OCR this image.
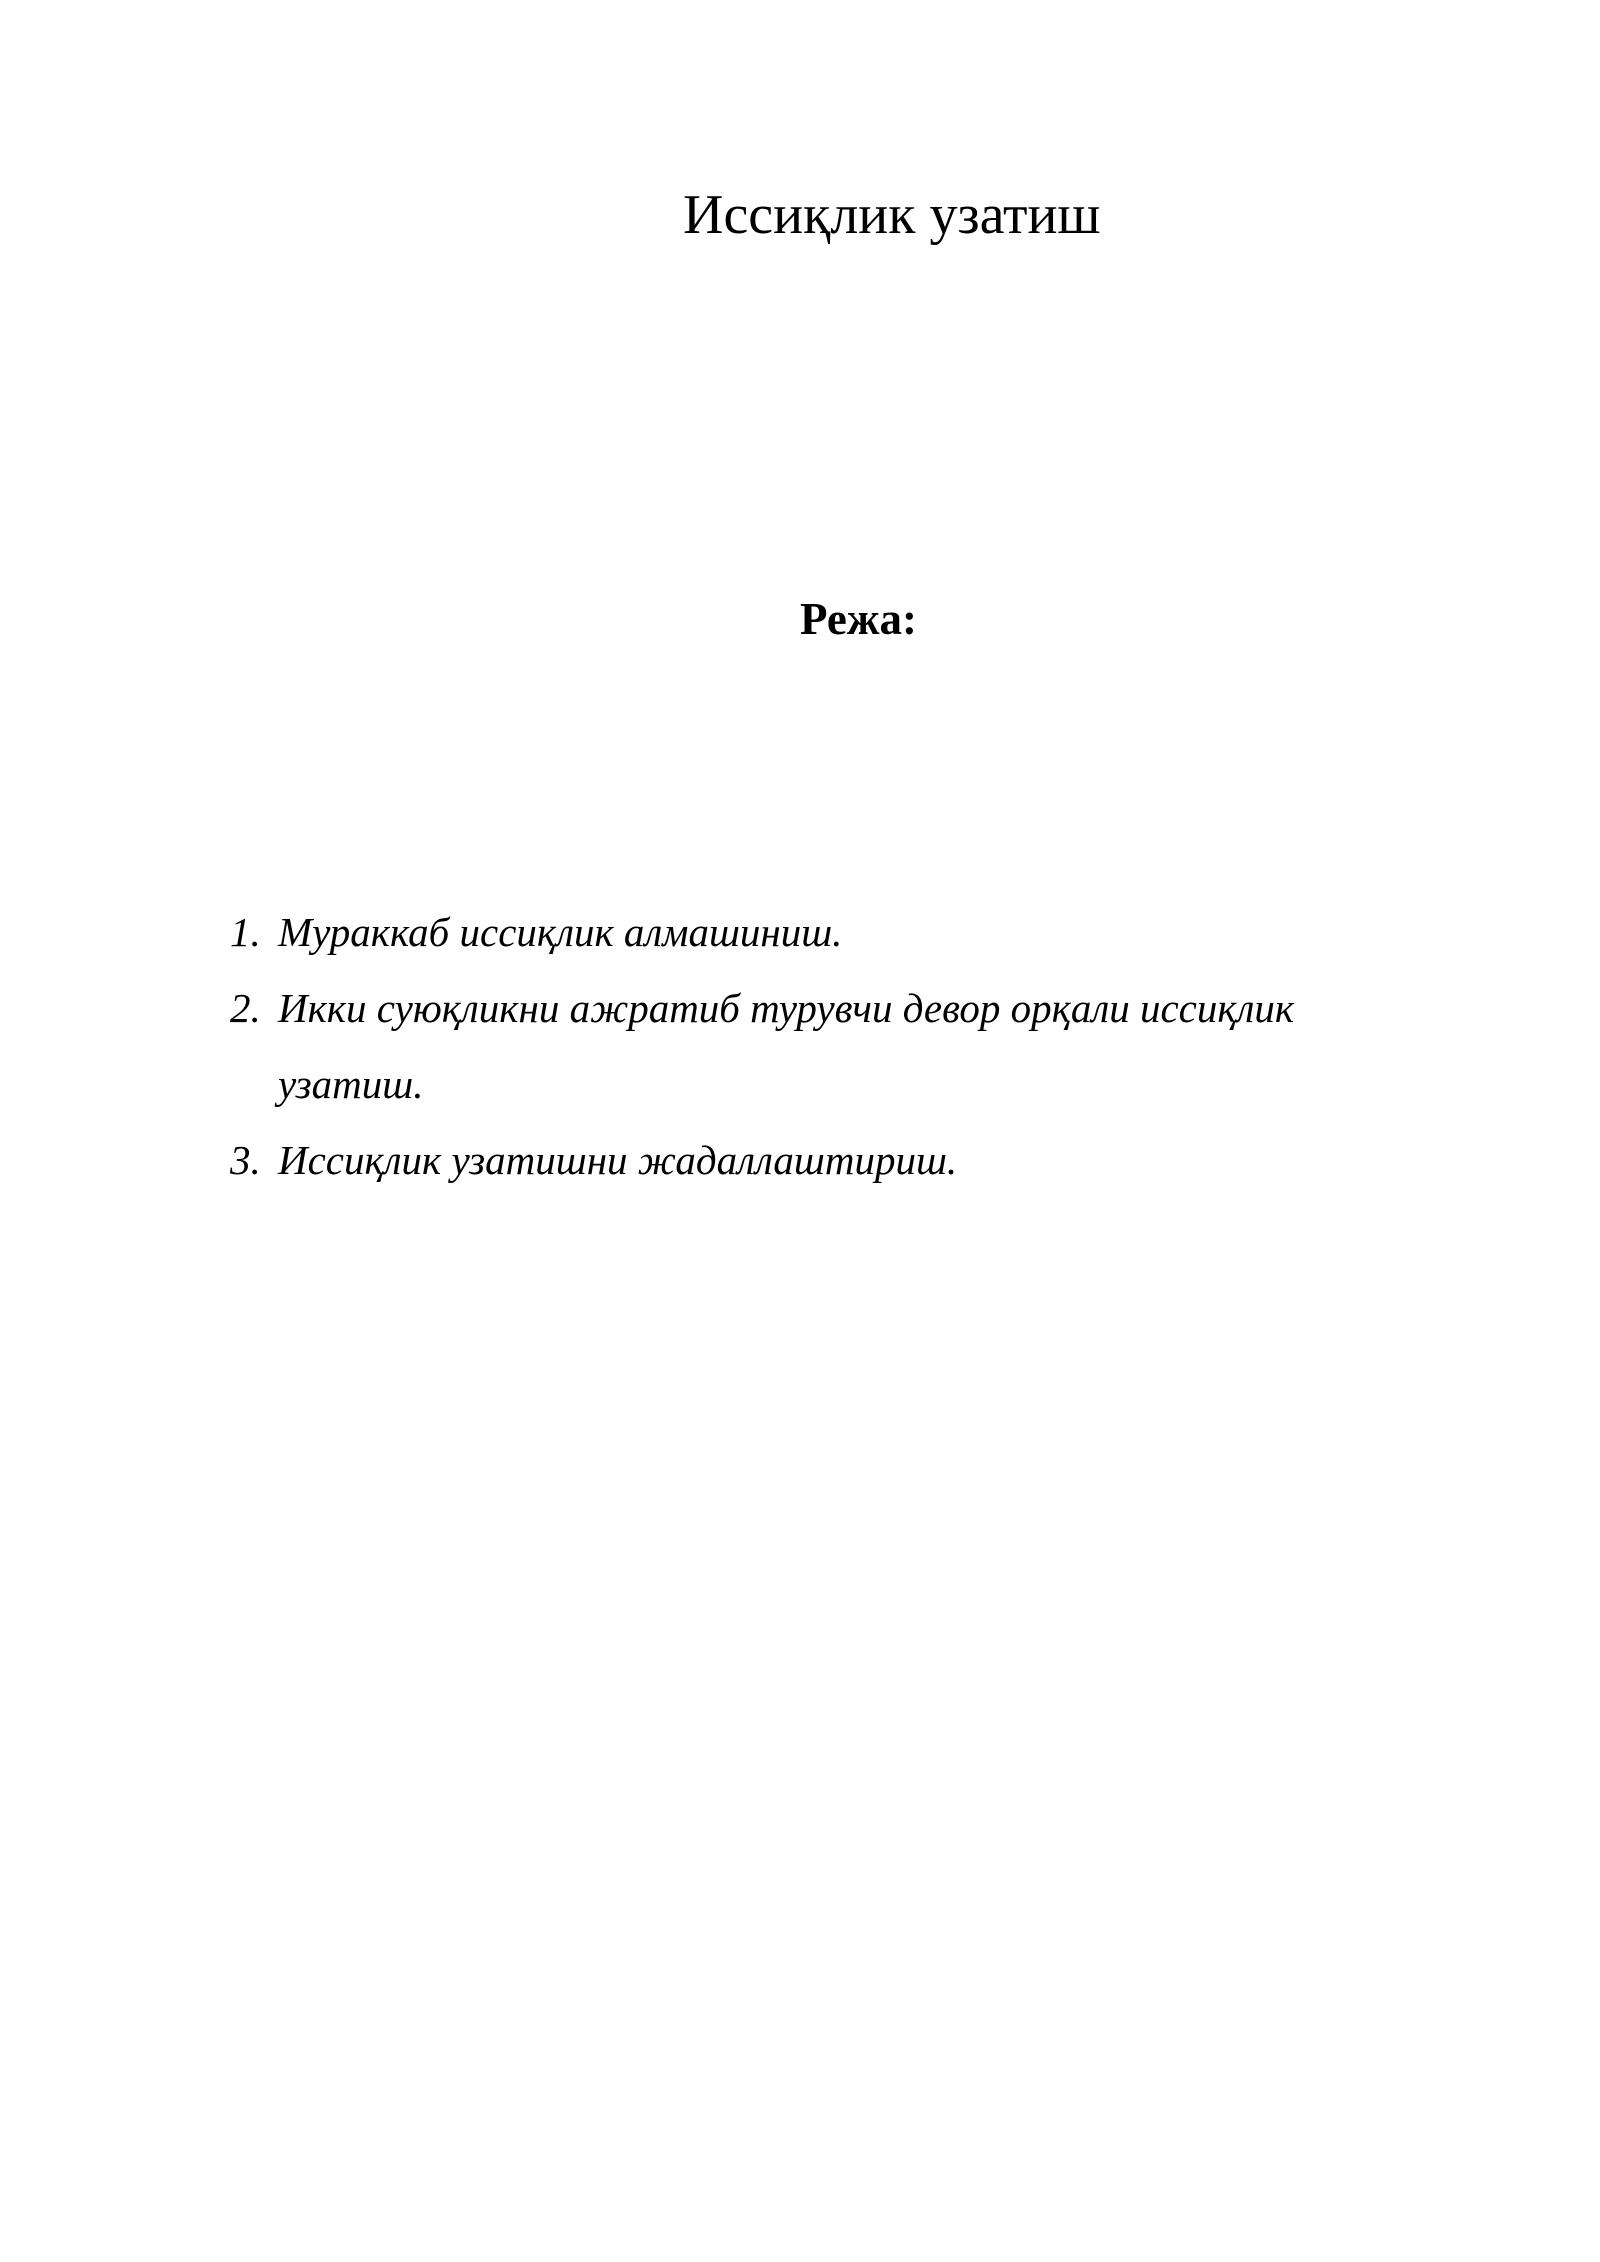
Иссиқлик узатиш
Режа:
1. Мураккаб иссиқлик алмашиниш.
2. Икки суюқликни ажратиб турувчи девор орқали иссиқлик узатиш.
3. Иссиқлик узатишни жадаллаштириш.
